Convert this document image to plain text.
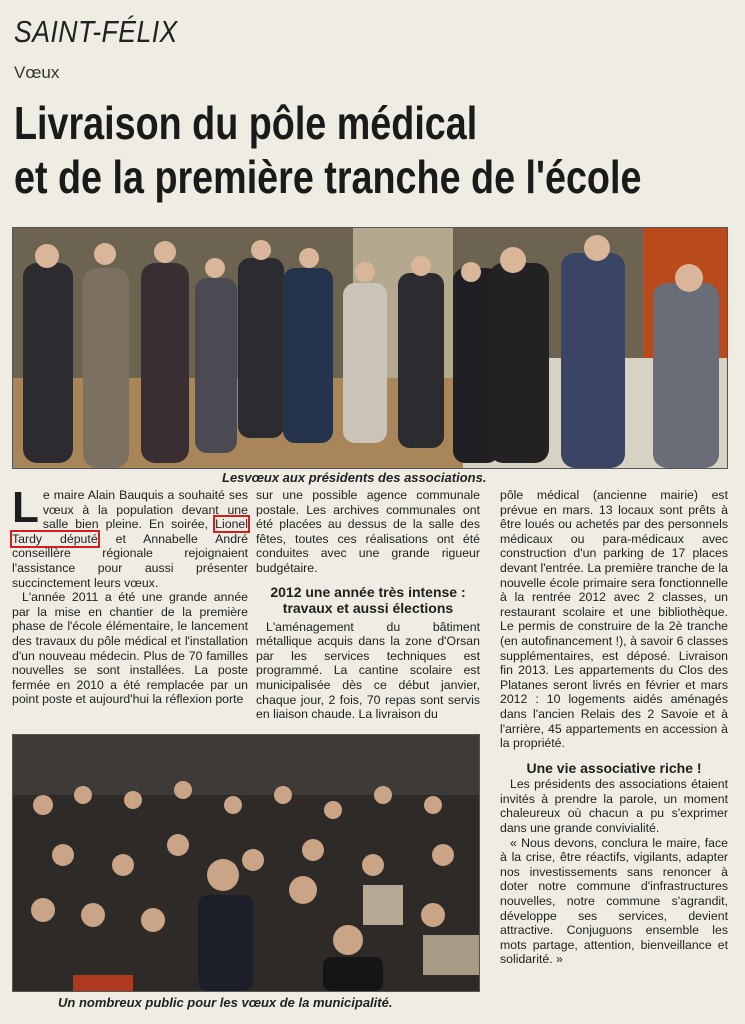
SAINT-FÉLIX
Vœux
Livraison du pôle médical
et de la première tranche de l'école
Lesvœux aux présidents des associations.

Le maire Alain Bauquis a souhaité ses vœux à la population devant une salle bien pleine. En soirée, Lionel Tardy député et Annabelle André conseillère régionale rejoignaient l'assistance pour aussi présenter succinctement leurs vœux.

L'année 2011 a été une grande année par la mise en chantier de la première phase de l'école élémentaire, le lancement des travaux du pôle médical et l'installation d'un nouveau médecin. Plus de 70 familles nouvelles se sont installées. La poste fermée en 2010 a été remplacée par un point poste et aujourd'hui la réflexion porte

sur une possible agence communale postale. Les archives communales ont été placées au dessus de la salle des fêtes, toutes ces réalisations ont été conduites avec une grande rigueur budgétaire.

2012 une année très intense : travaux et aussi élections

L'aménagement du bâtiment métallique acquis dans la zone d'Orsan par les services techniques est programmé. La cantine scolaire est municipalisée dès ce début janvier, chaque jour, 2 fois, 70 repas sont servis en liaison chaude. La livraison du

pôle médical (ancienne mairie) est prévue en mars. 13 locaux sont prêts à être loués ou achetés par des personnels médicaux ou para-médicaux avec construction d'un parking de 17 places devant l'entrée. La première tranche de la nouvelle école primaire sera fonctionnelle à la rentrée 2012 avec 2 classes, un restaurant scolaire et une bibliothèque. Le permis de construire de la 2è tranche (en autofinancement !), à savoir 6 classes supplémentaires, est déposé. Livraison fin 2013. Les appartements du Clos des Platanes seront livrés en février et mars 2012 : 10 logements aidés aménagés dans l'ancien Relais des 2 Savoie et à l'arrière, 45 appartements en accession à la propriété.

Une vie associative riche !

Les présidents des associations étaient invités à prendre la parole, un moment chaleureux où chacun a pu s'exprimer dans une grande convivialité.

« Nous devons, conclura le maire, face à la crise, être réactifs, vigilants, adapter nos investissements sans renoncer à doter notre commune d'infrastructures nouvelles, notre commune s'agrandit, développe ses services, devient attractive. Conjuguons ensemble les mots partage, attention, bienveillance et solidarité. »

Un nombreux public pour les vœux de la municipalité.
